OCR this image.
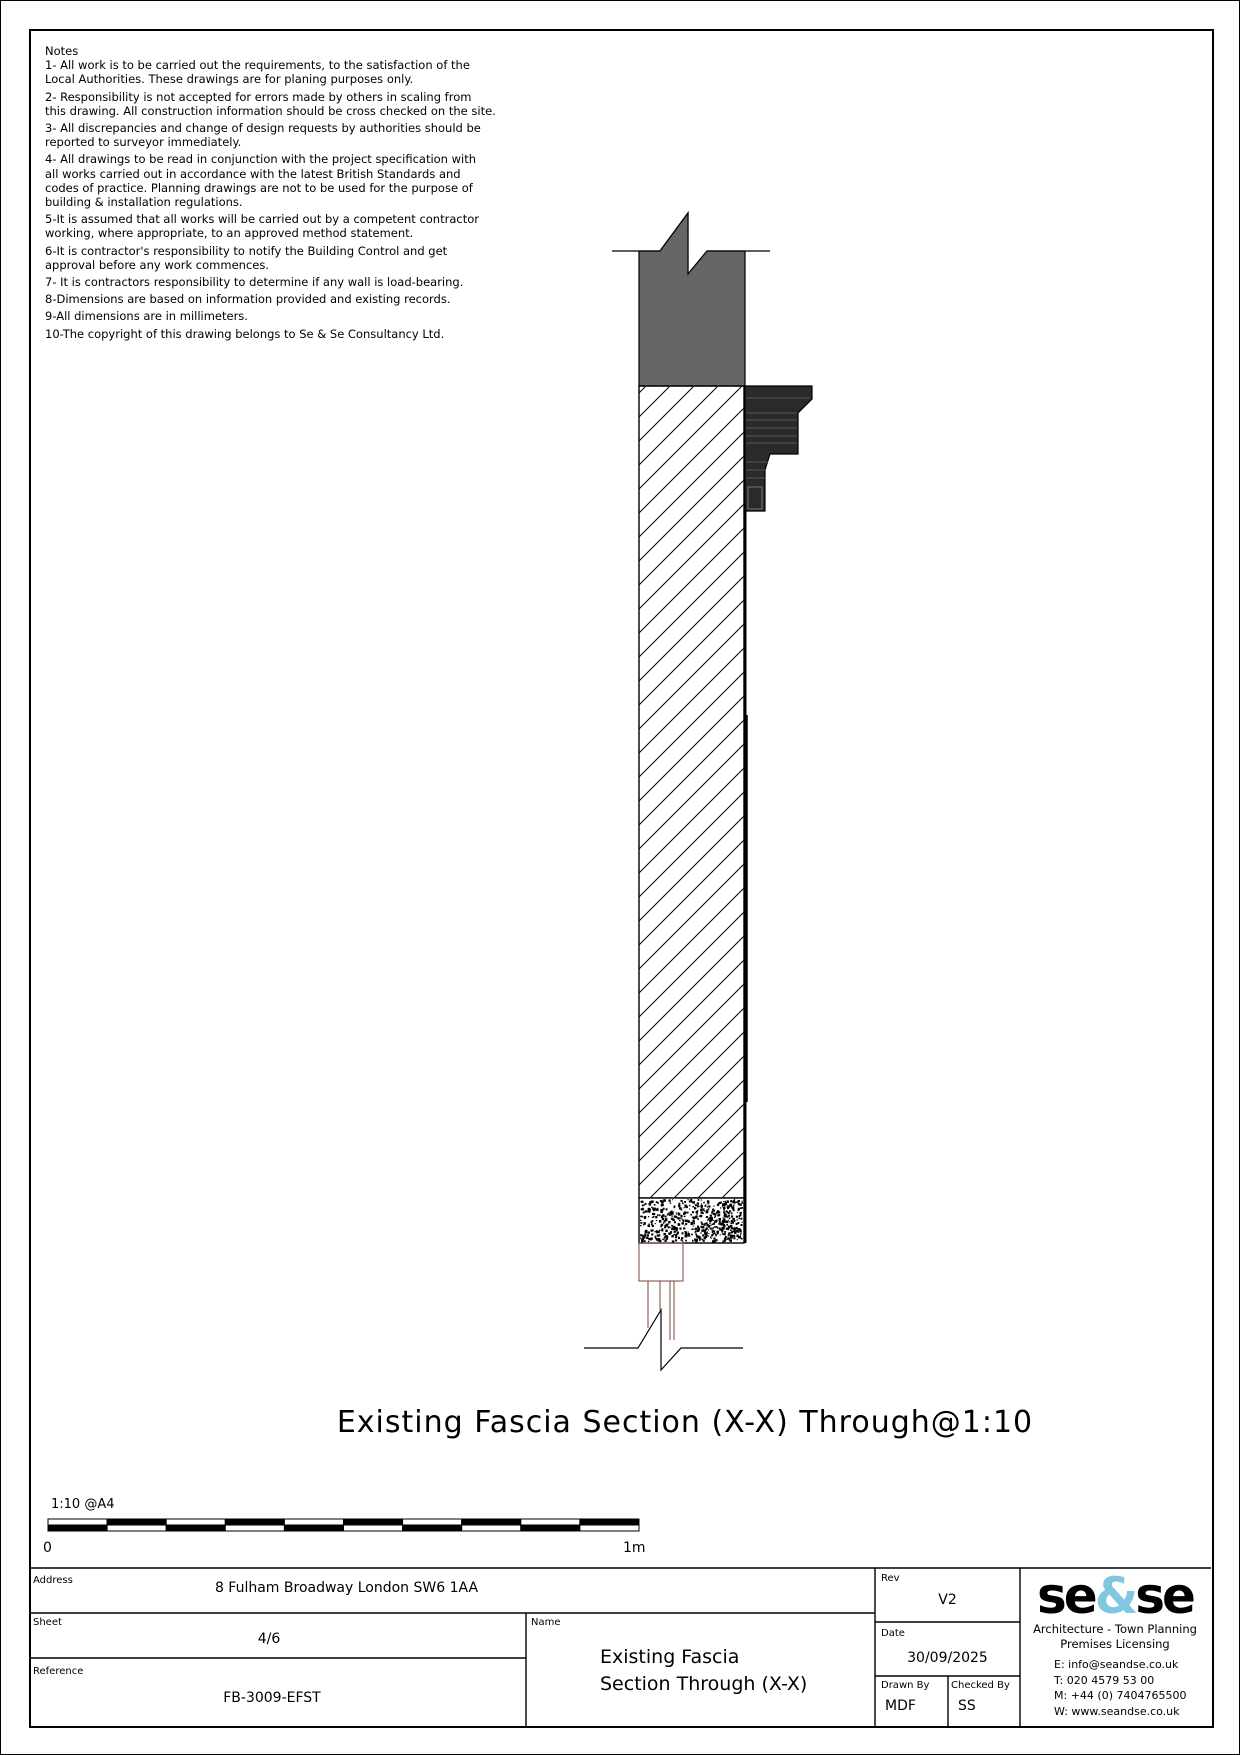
Notes
1- All work is to be carried out the requirements, to the satisfaction of the
Local Authorities. These drawings are for planing purposes only.
2- Responsibility is not accepted for errors made by others in scaling from
this drawing. All construction information should be cross checked on the site.
3- All discrepancies and change of design requests by authorities should be
reported to surveyor immediately.
4- All drawings to be read in conjunction with the project specification with
all works carried out in accordance with the latest British Standards and
codes of practice. Planning drawings are not to be used for the purpose of
building & installation regulations.
5-It is assumed that all works will be carried out by a competent contractor
working, where appropriate, to an approved method statement.
6-It is contractor's responsibility to notify the Building Control and get
approval before any work commences.
7- It is contractors responsibility to determine if any wall is load-bearing.
8-Dimensions are based on information provided and existing records.
9-All dimensions are in millimeters.
10-The copyright of this drawing belongs to Se & Se Consultancy Ltd.
Existing Fascia Section (X-X) Through@1:10
1:10 @A4
0	1m
Address	8 Fulham Broadway London SW6 1AA
Sheet
4/6
Reference
FB-3009-EFST
Name
Existing Fascia
Section Through (X-X)
Rev
V2
Date
30/09/2025
Drawn By
MDF
Checked By
SS
se&se
Architecture - Town Planning
Premises Licensing
E: info@seandse.co.uk
T: 020 4579 53 00
M: +44 (0) 7404765500
W: www.seandse.co.uk
